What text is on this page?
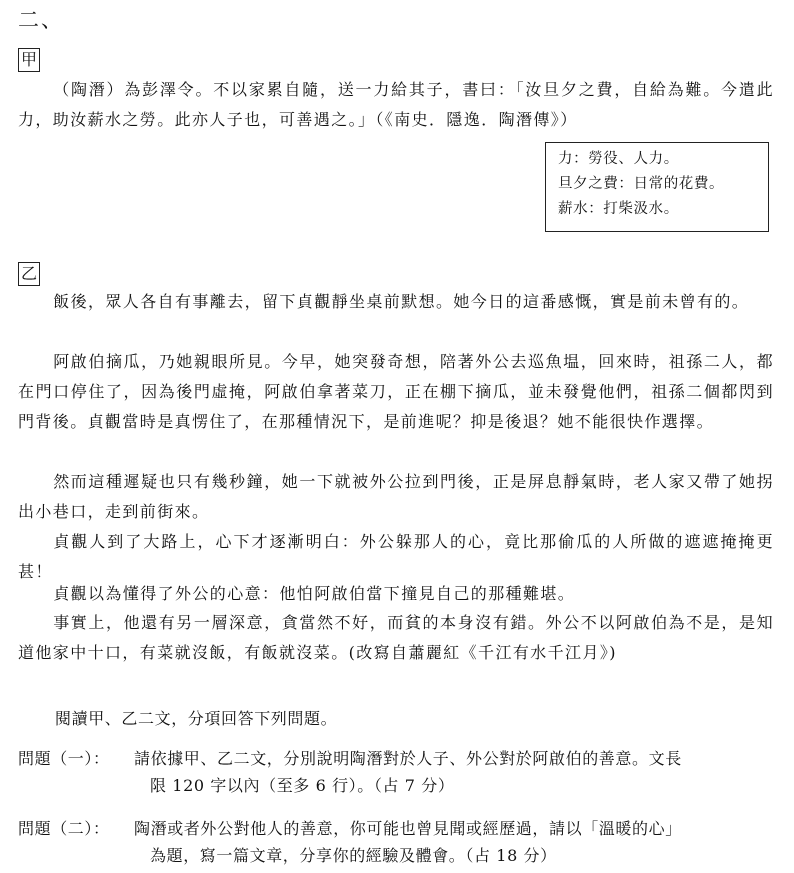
二、
甲
（陶潛）為彭澤令。不以家累自隨，送一力給其子，書曰：「汝旦夕之費，自給為難。今遣此力，助汝薪水之勞。此亦人子也，可善遇之。」（《南史．隱逸．陶潛傳》）
力：勞役、人力。
旦夕之費：日常的花費。
薪水：打柴汲水。
乙
飯後，眾人各自有事離去，留下貞觀靜坐桌前默想。她今日的這番感慨，實是前未曾有的。
阿啟伯摘瓜，乃她親眼所見。今早，她突發奇想，陪著外公去巡魚塭，回來時，祖孫二人，都在門口停住了，因為後門虛掩，阿啟伯拿著菜刀，正在棚下摘瓜，並未發覺他們，祖孫二個都閃到門背後。貞觀當時是真愣住了，在那種情況下，是前進呢？抑是後退？她不能很快作選擇。
然而這種遲疑也只有幾秒鐘，她一下就被外公拉到門後，正是屏息靜氣時，老人家又帶了她拐出小巷口，走到前街來。
貞觀人到了大路上，心下才逐漸明白：外公躲那人的心，竟比那偷瓜的人所做的遮遮掩掩更甚！
貞觀以為懂得了外公的心意：他怕阿啟伯當下撞見自己的那種難堪。
事實上，他還有另一層深意，貪當然不好，而貧的本身沒有錯。外公不以阿啟伯為不是，是知道他家中十口，有菜就沒飯，有飯就沒菜。(改寫自蕭麗紅《千江有水千江月》)
閱讀甲、乙二文，分項回答下列問題。
問題（一）： 請依據甲、乙二文，分別說明陶潛對於人子、外公對於阿啟伯的善意。文長
限 120 字以內（至多 6 行）。（占 7 分）
問題（二）： 陶潛或者外公對他人的善意，你可能也曾見聞或經歷過，請以「溫暖的心」
為題，寫一篇文章，分享你的經驗及體會。（占 18 分）
